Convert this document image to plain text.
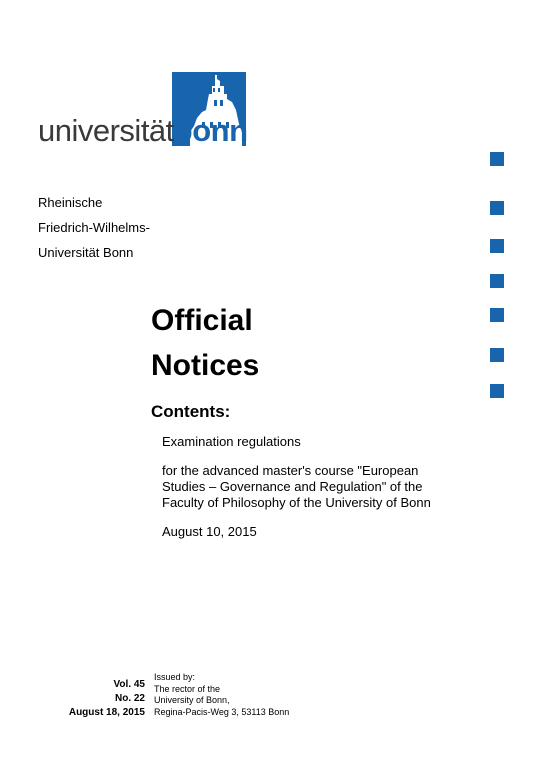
universitätbonn
Rheinische
Friedrich-Wilhelms-
Universität Bonn
Official
Notices
Contents:

Examination regulations

for the advanced master's course "European Studies – Governance and Regulation" of the Faculty of Philosophy of the University of Bonn

August 10, 2015

Vol. 45
No. 22
August 18, 2015
Issued by:
The rector of the
University of Bonn,
Regina-Pacis-Weg 3, 53113 Bonn
